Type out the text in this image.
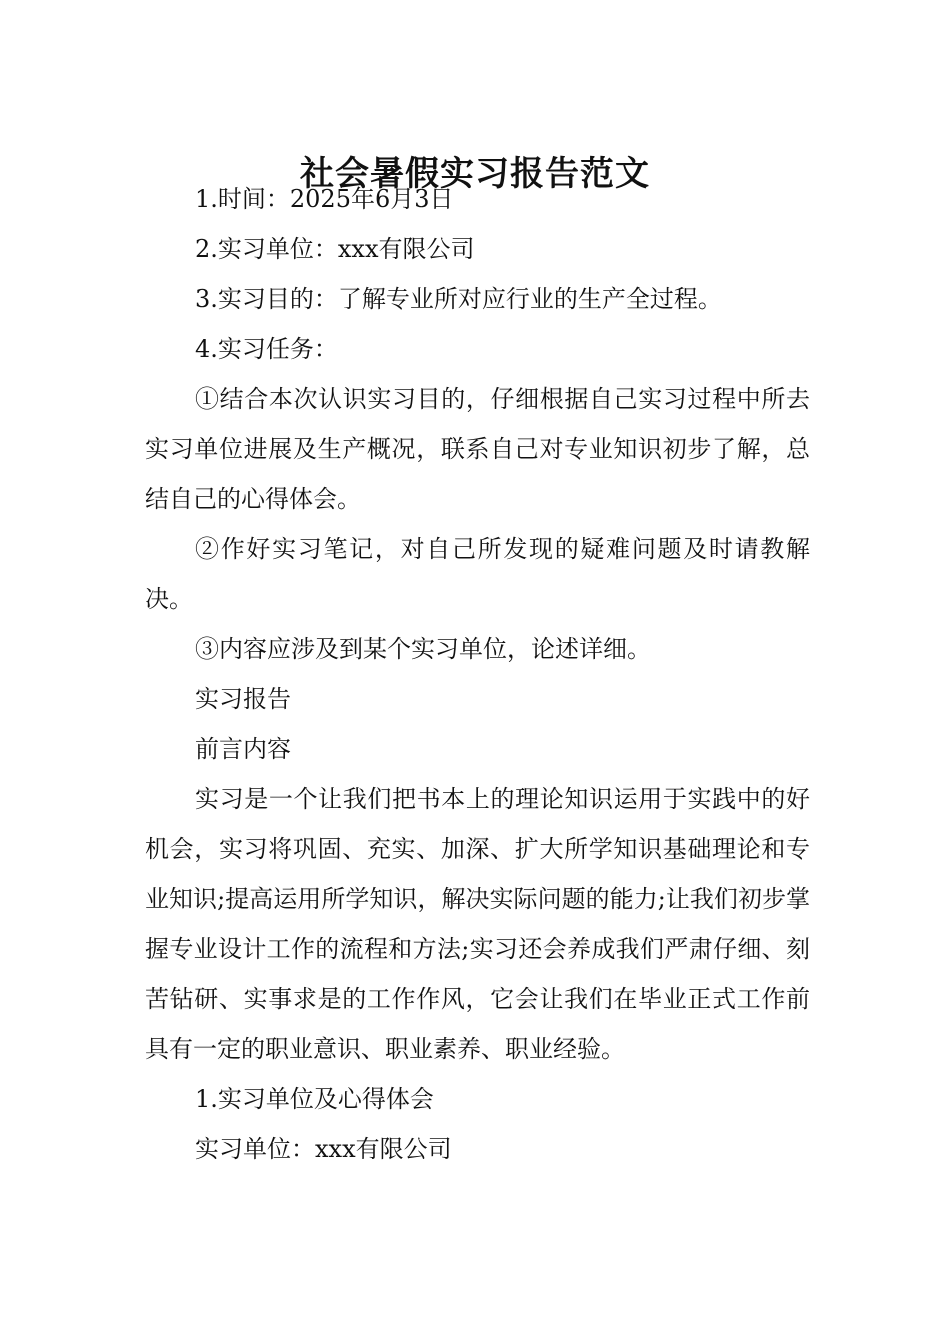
社会暑假实习报告范文

1.时间：2025年6月3日

2.实习单位：xxx有限公司

3.实习目的：了解专业所对应行业的生产全过程。

4.实习任务：

①结合本次认识实习目的，仔细根据自己实习过程中所去实习单位进展及生产概况，联系自己对专业知识初步了解，总结自己的心得体会。

②作好实习笔记，对自己所发现的疑难问题及时请教解决。

③内容应涉及到某个实习单位，论述详细。

实习报告

前言内容

实习是一个让我们把书本上的理论知识运用于实践中的好机会，实习将巩固、充实、加深、扩大所学知识基础理论和专业知识;提高运用所学知识，解决实际问题的能力;让我们初步掌握专业设计工作的流程和方法;实习还会养成我们严肃仔细、刻苦钻研、实事求是的工作作风，它会让我们在毕业正式工作前具有一定的职业意识、职业素养、职业经验。

1.实习单位及心得体会

实习单位：xxx有限公司
